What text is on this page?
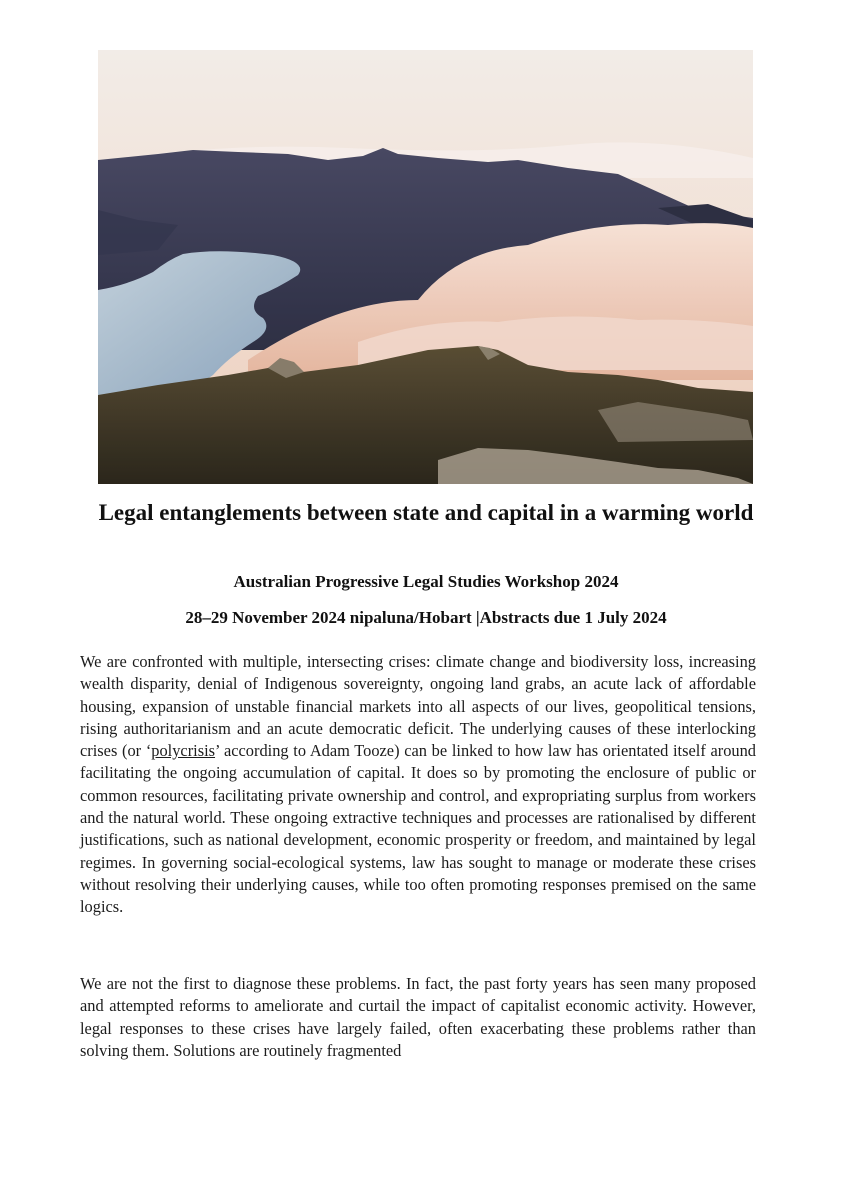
Legal entanglements between state and capital in a warming world
Australian Progressive Legal Studies Workshop 2024
28–29 November 2024 nipaluna/Hobart |Abstracts due 1 July 2024

We are confronted with multiple, intersecting crises: climate change and biodiversity loss, increasing wealth disparity, denial of Indigenous sovereignty, ongoing land grabs, an acute lack of affordable housing, expansion of unstable financial markets into all aspects of our lives, geopolitical tensions, rising authoritarianism and an acute democratic deficit. The underlying causes of these interlocking crises (or ‘polycrisis’ according to Adam Tooze) can be linked to how law has orientated itself around facilitating the ongoing accumulation of capital. It does so by promoting the enclosure of public or common resources, facilitating private ownership and control, and expropriating surplus from workers and the natural world. These ongoing extractive techniques and processes are rationalised by different justifications, such as national development, economic prosperity or freedom, and maintained by legal regimes. In governing social-ecological systems, law has sought to manage or moderate these crises without resolving their underlying causes, while too often promoting responses premised on the same logics.

We are not the first to diagnose these problems. In fact, the past forty years has seen many proposed and attempted reforms to ameliorate and curtail the impact of capitalist economic activity. However, legal responses to these crises have largely failed, often exacerbating these problems rather than solving them. Solutions are routinely fragmented
